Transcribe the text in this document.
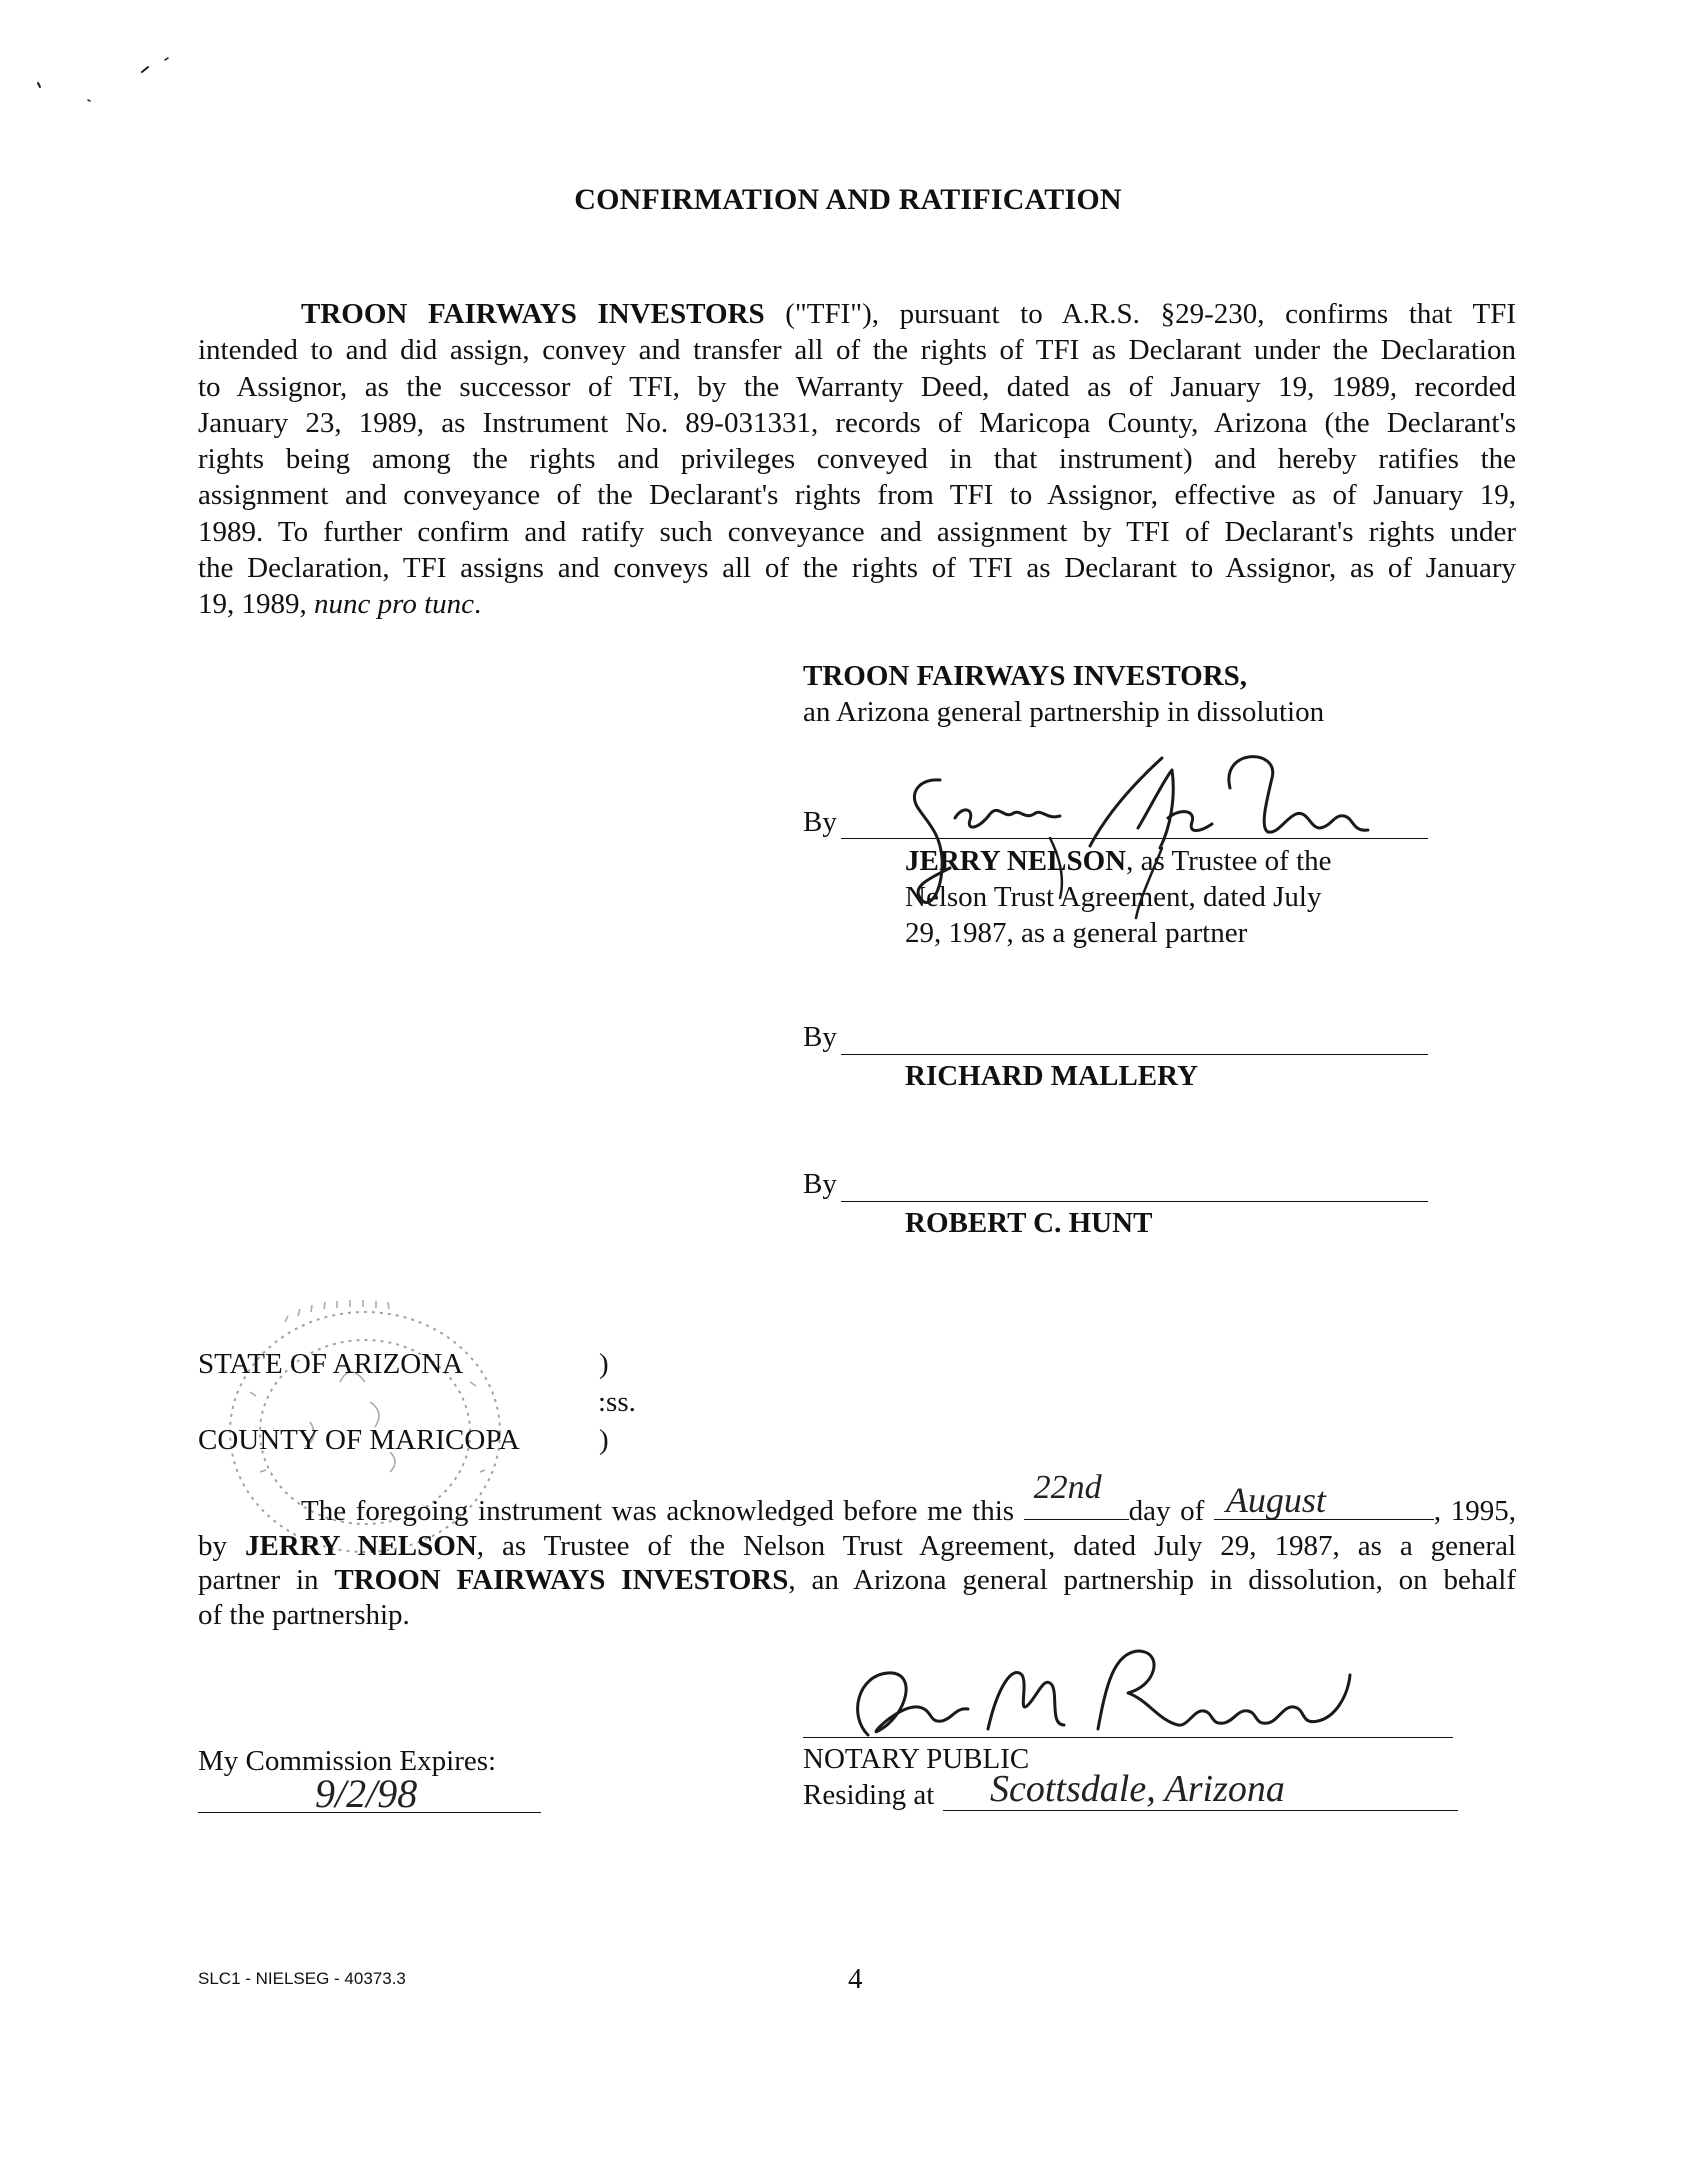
CONFIRMATION AND RATIFICATION
TROON FAIRWAYS INVESTORS ("TFI"), pursuant to A.R.S. §29-230, confirms that TFI
intended to and did assign, convey and transfer all of the rights of TFI as Declarant under the Declaration
to Assignor, as the successor of TFI, by the Warranty Deed, dated as of January 19, 1989, recorded
January 23, 1989, as Instrument No. 89-031331, records of Maricopa County, Arizona (the Declarant's
rights being among the rights and privileges conveyed in that instrument) and hereby ratifies the
assignment and conveyance of the Declarant's rights from TFI to Assignor, effective as of January 19,
1989. To further confirm and ratify such conveyance and assignment by TFI of Declarant's rights under
the Declaration, TFI assigns and conveys all of the rights of TFI as Declarant to Assignor, as of January
19, 1989, nunc pro tunc.
TROON FAIRWAYS INVESTORS,
an Arizona general partnership in dissolution
By
JERRY NELSON, as Trustee of the
Nelson Trust Agreement, dated July
29, 1987, as a general partner
By
RICHARD MALLERY
By
ROBERT C. HUNT
STATE OF ARIZONA
COUNTY OF MARICOPA
)
:ss.
)
The foregoing instrument was acknowledged before me this
22nd
day of August	, 1995,
by JERRY NELSON, as Trustee of the Nelson Trust Agreement, dated July 29, 1987, as a general
partner in TROON FAIRWAYS INVESTORS, an Arizona general partnership in dissolution, on behalf
of the partnership.
My Commission Expires:
9/2/98
NOTARY PUBLIC
Residing at Scottsdale, Arizona
SLC1 - NIELSEG - 40373.3	4
